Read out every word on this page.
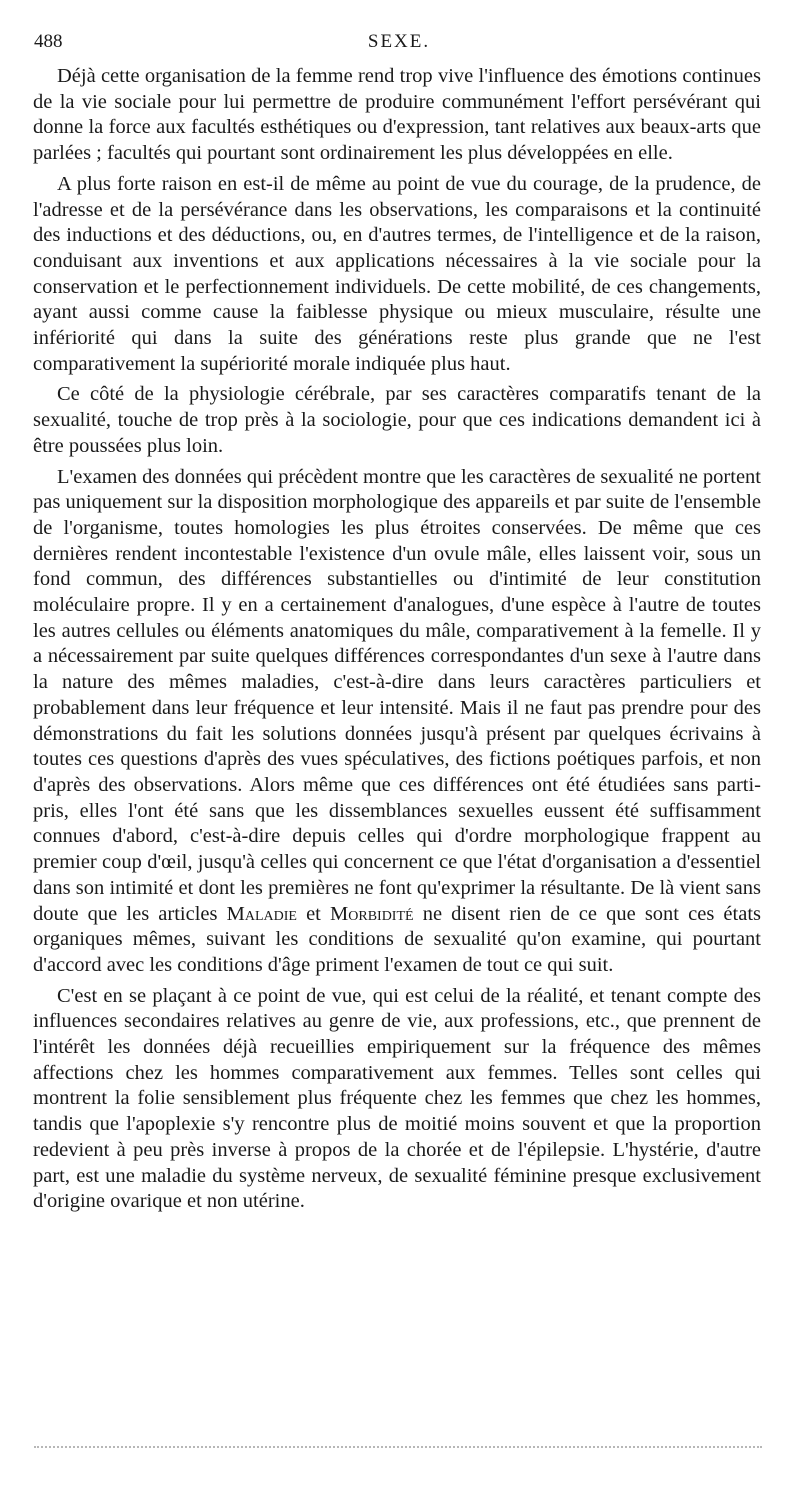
488	SEXE.

Déjà cette organisation de la femme rend trop vive l'influence des émotions continues de la vie sociale pour lui permettre de produire communément l'effort persévérant qui donne la force aux facultés esthétiques ou d'expression, tant relatives aux beaux-arts que parlées ; facultés qui pourtant sont ordinairement les plus développées en elle.

A plus forte raison en est-il de même au point de vue du courage, de la prudence, de l'adresse et de la persévérance dans les observations, les comparaisons et la continuité des inductions et des déductions, ou, en d'autres termes, de l'intelligence et de la raison, conduisant aux inventions et aux applications nécessaires à la vie sociale pour la conservation et le perfectionnement individuels. De cette mobilité, de ces changements, ayant aussi comme cause la faiblesse physique ou mieux musculaire, résulte une infériorité qui dans la suite des générations reste plus grande que ne l'est comparativement la supériorité morale indiquée plus haut.

Ce côté de la physiologie cérébrale, par ses caractères comparatifs tenant de la sexualité, touche de trop près à la sociologie, pour que ces indications demandent ici à être poussées plus loin.

L'examen des données qui précèdent montre que les caractères de sexualité ne portent pas uniquement sur la disposition morphologique des appareils et par suite de l'ensemble de l'organisme, toutes homologies les plus étroites conservées. De même que ces dernières rendent incontestable l'existence d'un ovule mâle, elles laissent voir, sous un fond commun, des différences substantielles ou d'intimité de leur constitution moléculaire propre. Il y en a certainement d'analogues, d'une espèce à l'autre de toutes les autres cellules ou éléments anatomiques du mâle, comparativement à la femelle. Il y a nécessairement par suite quelques différences correspondantes d'un sexe à l'autre dans la nature des mêmes maladies, c'est-à-dire dans leurs caractères particuliers et probablement dans leur fréquence et leur intensité. Mais il ne faut pas prendre pour des démonstrations du fait les solutions données jusqu'à présent par quelques écrivains à toutes ces questions d'après des vues spéculatives, des fictions poétiques parfois, et non d'après des observations. Alors même que ces différences ont été étudiées sans parti-pris, elles l'ont été sans que les dissemblances sexuelles eussent été suffisamment connues d'abord, c'est-à-dire depuis celles qui d'ordre morphologique frappent au premier coup d'œil, jusqu'à celles qui concernent ce que l'état d'organisation a d'essentiel dans son intimité et dont les premières ne font qu'exprimer la résultante. De là vient sans doute que les articles Maladie et Morbidité ne disent rien de ce que sont ces états organiques mêmes, suivant les conditions de sexualité qu'on examine, qui pourtant d'accord avec les conditions d'âge priment l'examen de tout ce qui suit.

C'est en se plaçant à ce point de vue, qui est celui de la réalité, et tenant compte des influences secondaires relatives au genre de vie, aux professions, etc., que prennent de l'intérêt les données déjà recueillies empiriquement sur la fréquence des mêmes affections chez les hommes comparativement aux femmes. Telles sont celles qui montrent la folie sensiblement plus fréquente chez les femmes que chez les hommes, tandis que l'apoplexie s'y rencontre plus de moitié moins souvent et que la proportion redevient à peu près inverse à propos de la chorée et de l'épilepsie. L'hystérie, d'autre part, est une maladie du système nerveux, de sexualité féminine presque exclusivement d'origine ovarique et non utérine.
